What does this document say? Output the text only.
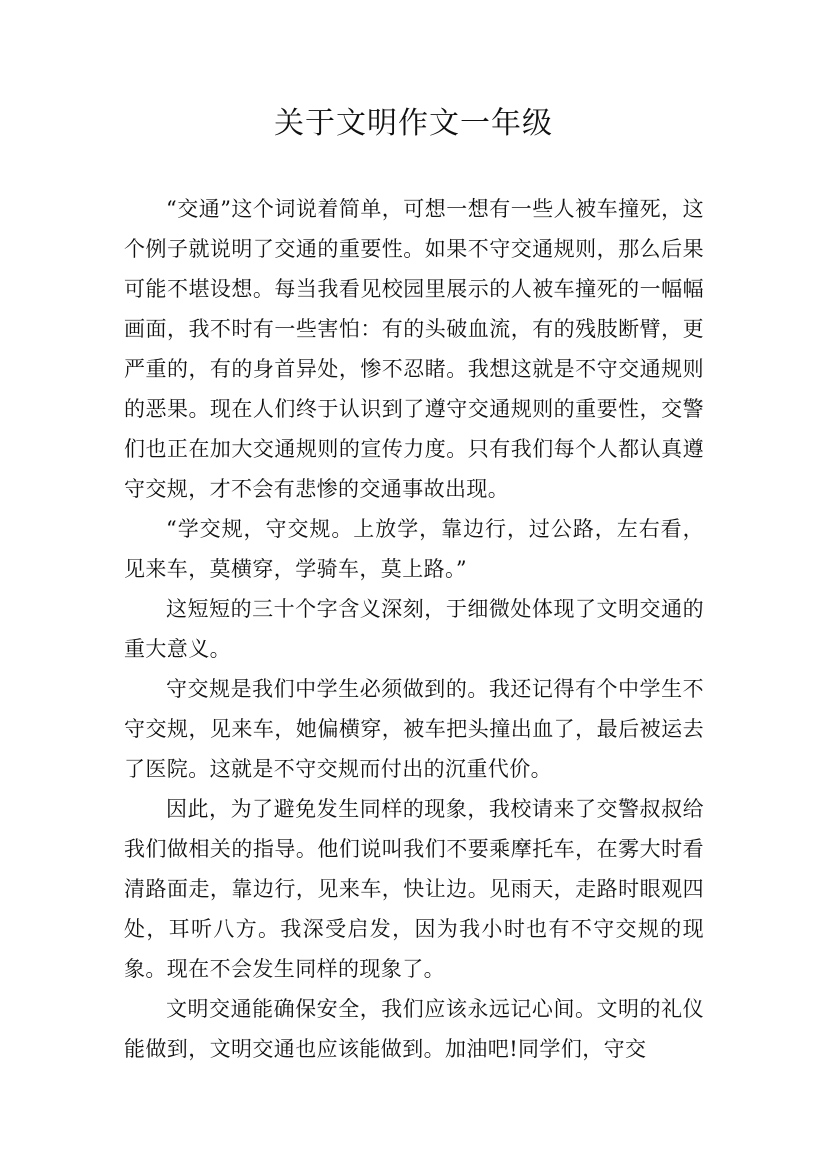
关于文明作文一年级

“交通”这个词说着简单，可想一想有一些人被车撞死，这个例子就说明了交通的重要性。如果不守交通规则，那么后果可能不堪设想。每当我看见校园里展示的人被车撞死的一幅幅画面，我不时有一些害怕：有的头破血流，有的残肢断臂，更严重的，有的身首异处，惨不忍睹。我想这就是不守交通规则的恶果。现在人们终于认识到了遵守交通规则的重要性，交警们也正在加大交通规则的宣传力度。只有我们每个人都认真遵守交规，才不会有悲惨的交通事故出现。

“学交规，守交规。上放学，靠边行，过公路，左右看，见来车，莫横穿，学骑车，莫上路。”

这短短的三十个字含义深刻，于细微处体现了文明交通的重大意义。

守交规是我们中学生必须做到的。我还记得有个中学生不守交规，见来车，她偏横穿，被车把头撞出血了，最后被运去了医院。这就是不守交规而付出的沉重代价。

因此，为了避免发生同样的现象，我校请来了交警叔叔给我们做相关的指导。他们说叫我们不要乘摩托车，在雾大时看清路面走，靠边行，见来车，快让边。见雨天，走路时眼观四处，耳听八方。我深受启发，因为我小时也有不守交规的现象。现在不会发生同样的现象了。

文明交通能确保安全，我们应该永远记心间。文明的礼仪能做到，文明交通也应该能做到。加油吧!同学们，守交
